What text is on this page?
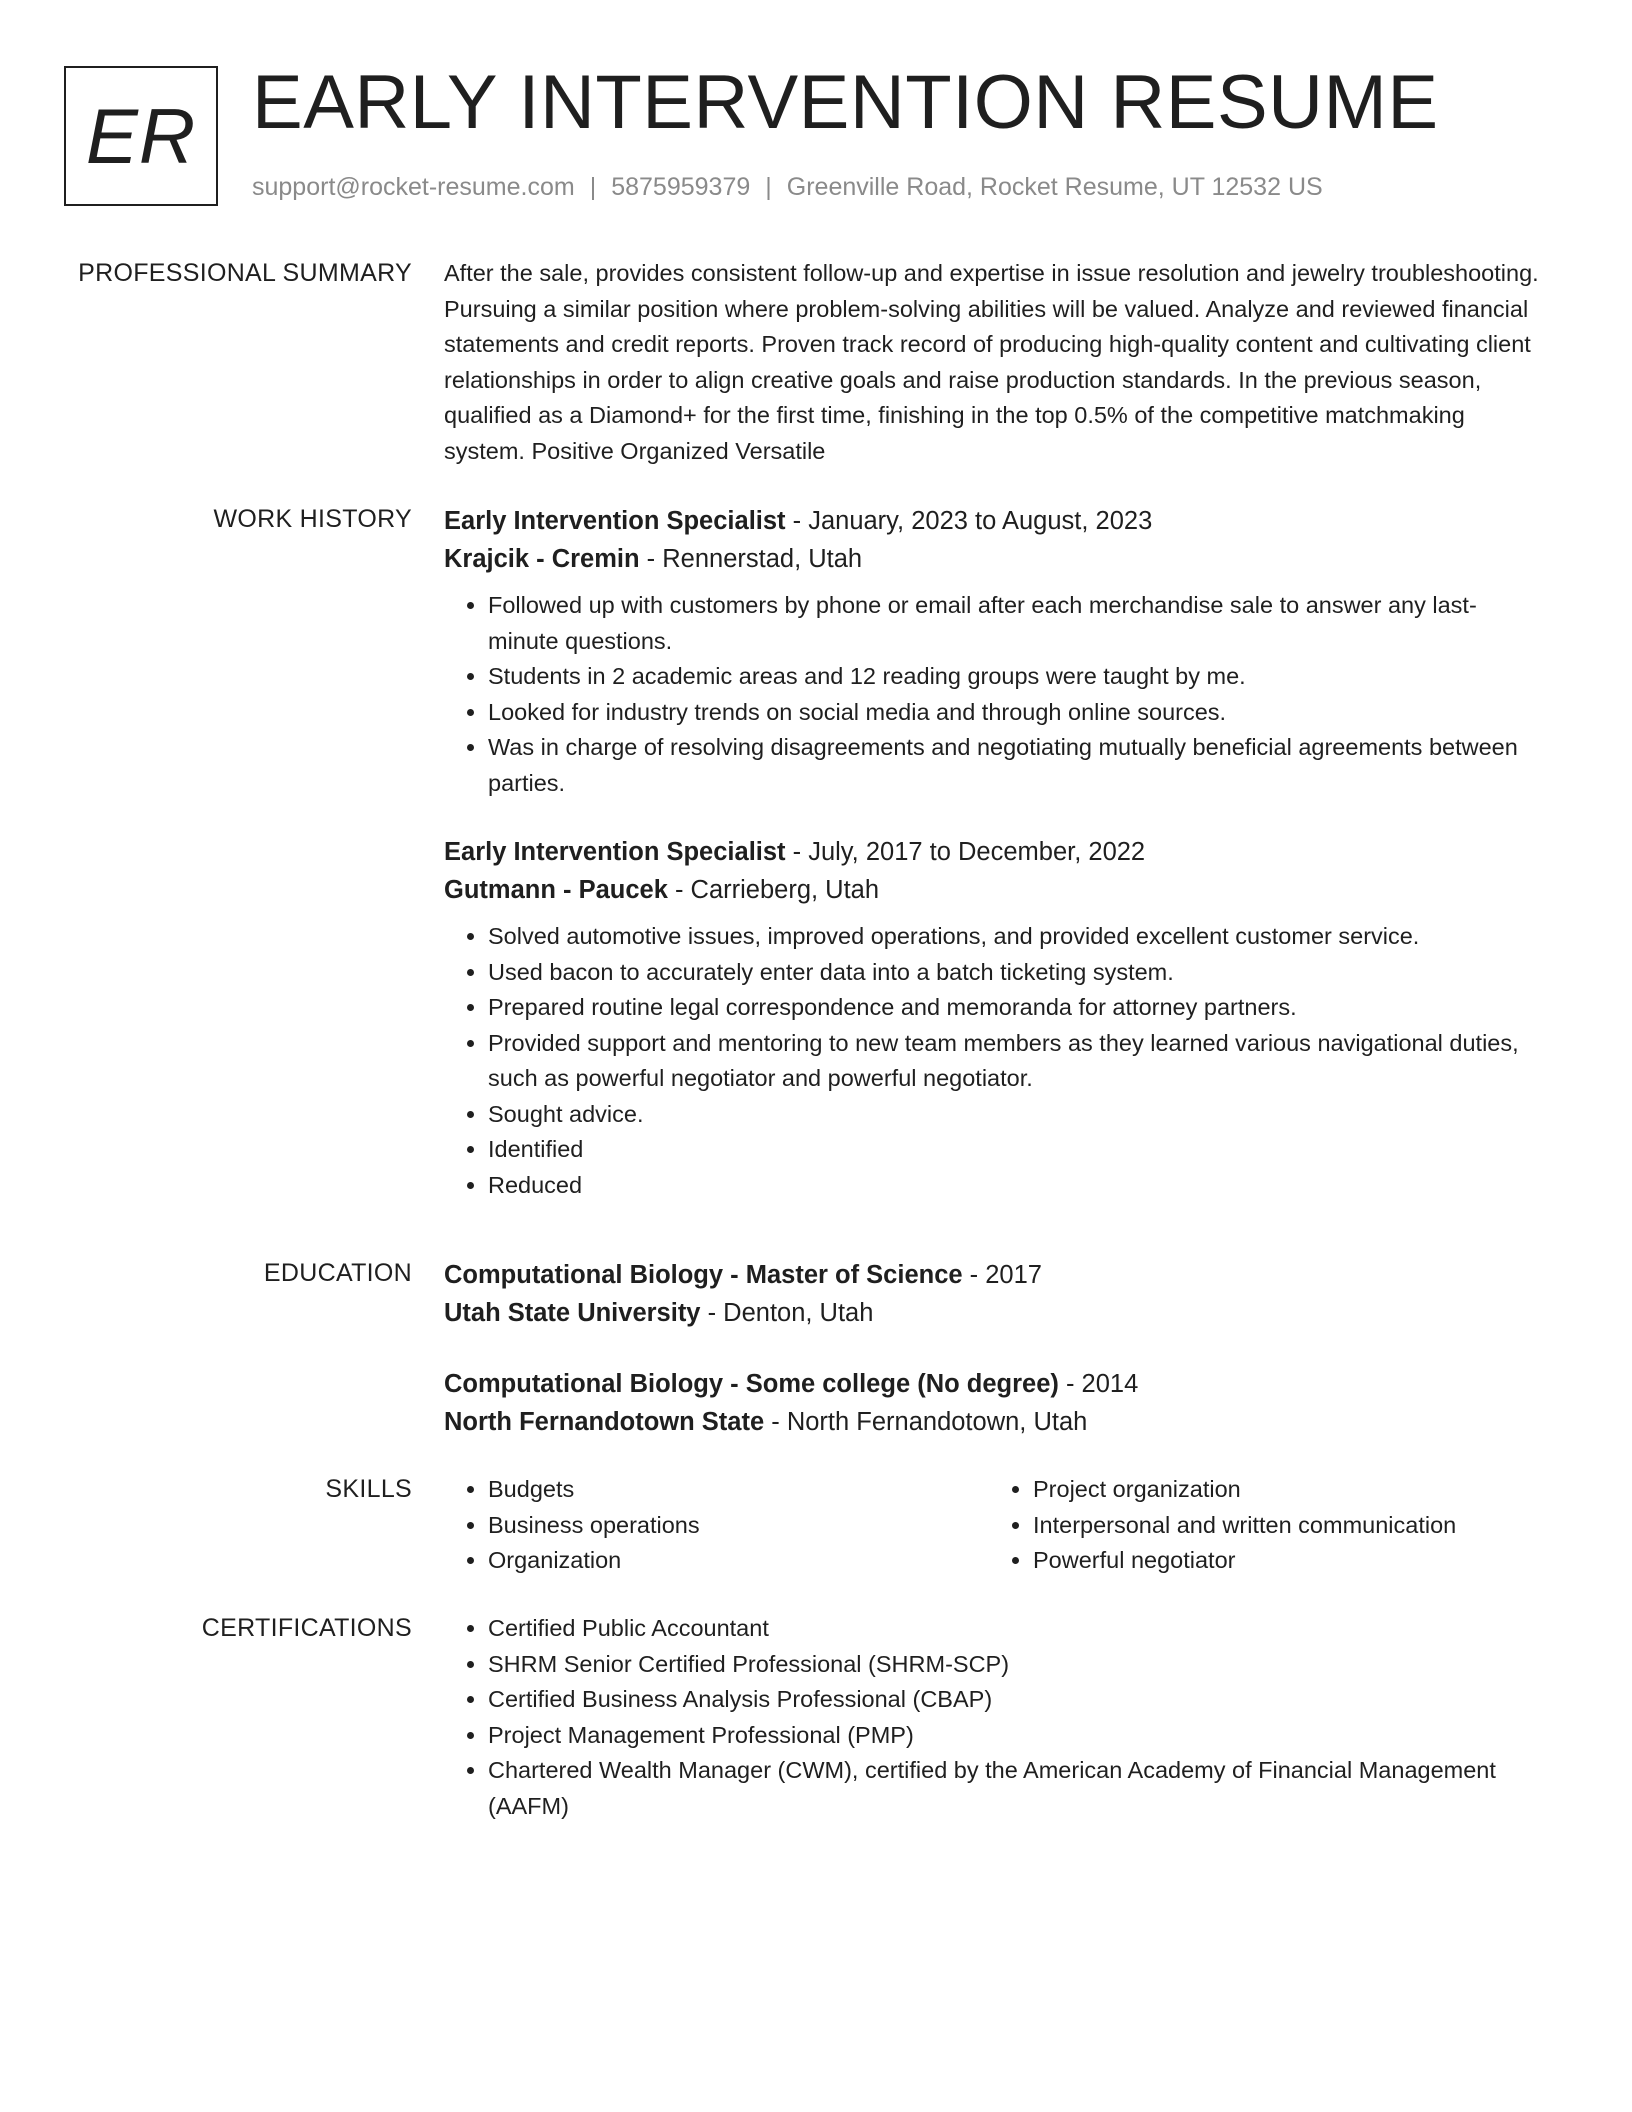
ER EARLY INTERVENTION RESUME
support@rocket-resume.com | 5875959379 | Greenville Road, Rocket Resume, UT 12532 US
PROFESSIONAL SUMMARY After the sale, provides consistent follow-up and expertise in issue resolution and jewelry troubleshooting. Pursuing a similar position where problem-solving abilities will be valued. Analyze and reviewed financial statements and credit reports. Proven track record of producing high-quality content and cultivating client relationships in order to align creative goals and raise production standards. In the previous season, qualified as a Diamond+ for the first time, finishing in the top 0.5% of the competitive matchmaking system. Positive Organized Versatile

WORK HISTORY Early Intervention Specialist - January, 2023 to August, 2023

Krajcik - Cremin - Rennerstad, Utah

• Followed up with customers by phone or email after each merchandise sale to answer any last-minute questions.
• Students in 2 academic areas and 12 reading groups were taught by me.
• Looked for industry trends on social media and through online sources.
• Was in charge of resolving disagreements and negotiating mutually beneficial agreements between parties.

Early Intervention Specialist - July, 2017 to December, 2022

Gutmann - Paucek - Carrieberg, Utah

• Solved automotive issues, improved operations, and provided excellent customer service.
• Used bacon to accurately enter data into a batch ticketing system.
• Prepared routine legal correspondence and memoranda for attorney partners.
• Provided support and mentoring to new team members as they learned various navigational duties, such as powerful negotiator and powerful negotiator.
• Sought advice.
• Identified
• Reduced
EDUCATION Computational Biology - Master of Science - 2017

Utah State University - Denton, Utah

Computational Biology - Some college (No degree) - 2014

North Fernandotown State - North Fernandotown, Utah

SKILLS	• Budgets
• Business operations
• Organization
• Project organization
• Interpersonal and written communication
• Powerful negotiator
CERTIFICATIONS	• Certified Public Accountant
• SHRM Senior Certified Professional (SHRM-SCP)
• Certified Business Analysis Professional (CBAP)
• Project Management Professional (PMP)
• Chartered Wealth Manager (CWM), certified by the American Academy of Financial Management (AAFM)
